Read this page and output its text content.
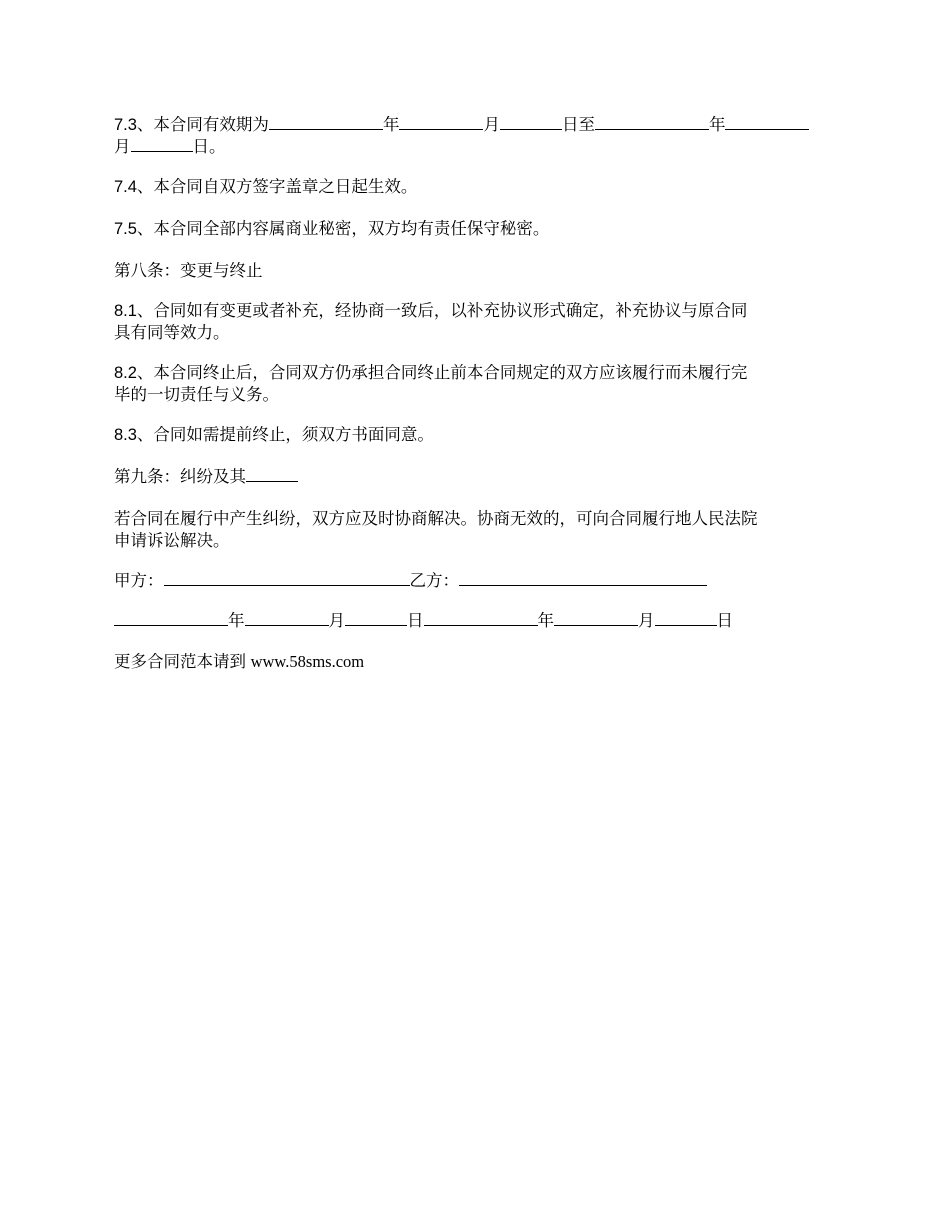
7.3、本合同有效期为	年	月	日至	年
月	日。
7.4、本合同自双方签字盖章之日起生效。
7.5、本合同全部内容属商业秘密，双方均有责任保守秘密。
第八条：变更与终止
8.1、合同如有变更或者补充，经协商一致后，以补充协议形式确定，补充协议与原合同
具有同等效力。
8.2、本合同终止后，合同双方仍承担合同终止前本合同规定的双方应该履行而未履行完
毕的一切责任与义务。
8.3、合同如需提前终止，须双方书面同意。
第九条：纠纷及其
若合同在履行中产生纠纷，双方应及时协商解决。协商无效的，可向合同履行地人民法院
申请诉讼解决。
甲方：	乙方：
年	月	日	年	月	日
更多合同范本请到 www.58sms.com
